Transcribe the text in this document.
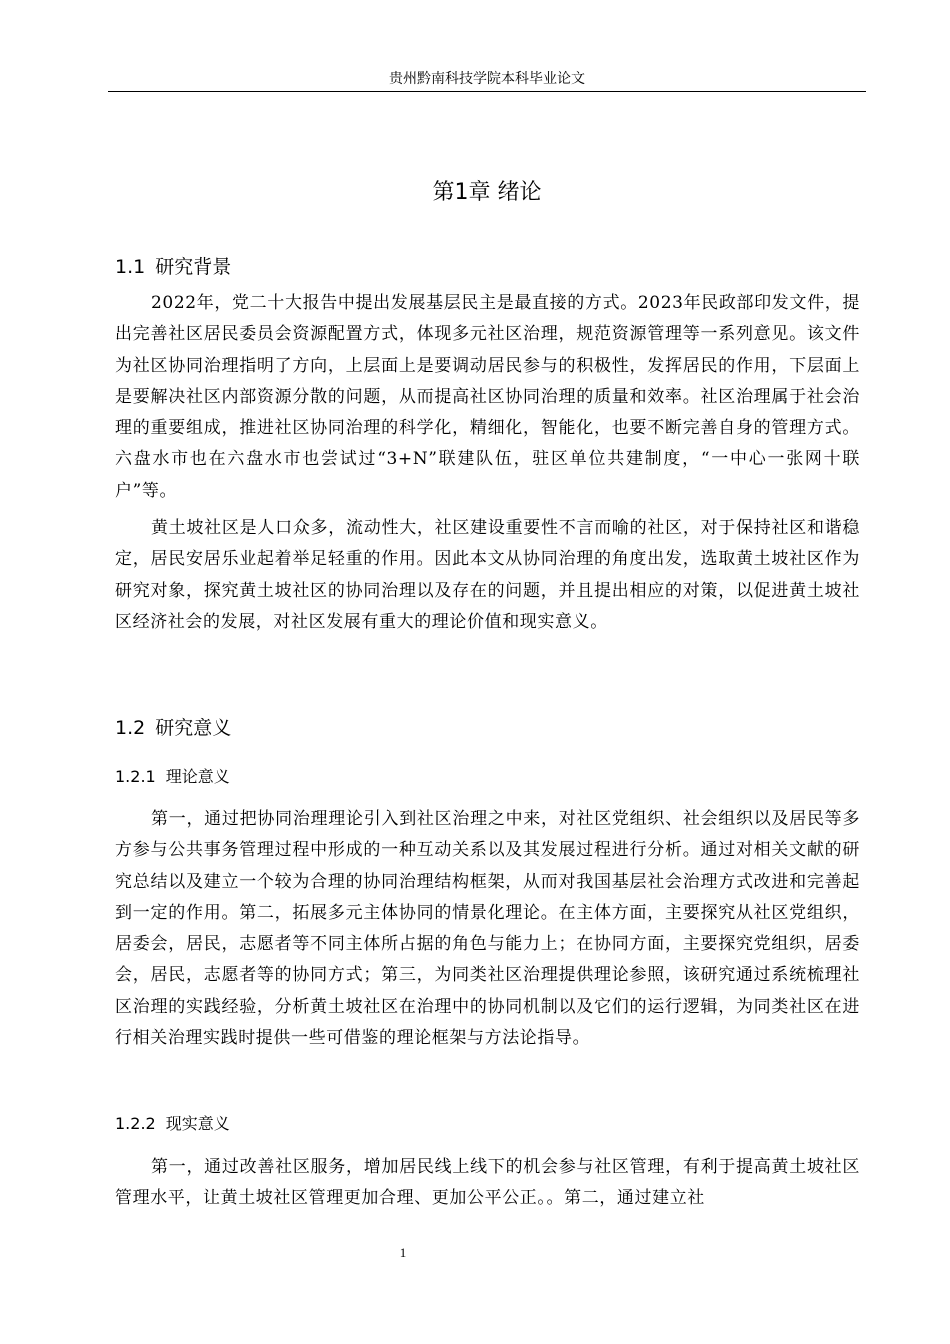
贵州黔南科技学院本科毕业论文
第1章 绪论
1.1 研究背景

2022年，党二十大报告中提出发展基层民主是最直接的方式。2023年民政部印发文件，提出完善社区居民委员会资源配置方式，体现多元社区治理，规范资源管理等一系列意见。该文件为社区协同治理指明了方向，上层面上是要调动居民参与的积极性，发挥居民的作用，下层面上是要解决社区内部资源分散的问题，从而提高社区协同治理的质量和效率。社区治理属于社会治理的重要组成，推进社区协同治理的科学化，精细化，智能化，也要不断完善自身的管理方式。六盘水市也在六盘水市也尝试过“3+N”联建队伍，驻区单位共建制度，“一中心一张网十联户”等。

黄土坡社区是人口众多，流动性大，社区建设重要性不言而喻的社区，对于保持社区和谐稳定，居民安居乐业起着举足轻重的作用。因此本文从协同治理的角度出发，选取黄土坡社区作为研究对象，探究黄土坡社区的协同治理以及存在的问题，并且提出相应的对策，以促进黄土坡社区经济社会的发展，对社区发展有重大的理论价值和现实意义。

1.2 研究意义
1.2.1 理论意义

第一，通过把协同治理理论引入到社区治理之中来，对社区党组织、社会组织以及居民等多方参与公共事务管理过程中形成的一种互动关系以及其发展过程进行分析。通过对相关文献的研究总结以及建立一个较为合理的协同治理结构框架，从而对我国基层社会治理方式改进和完善起到一定的作用。第二，拓展多元主体协同的情景化理论。在主体方面，主要探究从社区党组织，居委会，居民，志愿者等不同主体所占据的角色与能力上；在协同方面，主要探究党组织，居委会，居民，志愿者等的协同方式；第三，为同类社区治理提供理论参照，该研究通过系统梳理社区治理的实践经验，分析黄土坡社区在治理中的协同机制以及它们的运行逻辑，为同类社区在进行相关治理实践时提供一些可借鉴的理论框架与方法论指导。

1.2.2 现实意义

第一，通过改善社区服务，增加居民线上线下的机会参与社区管理，有利于提高黄土坡社区管理水平，让黄土坡社区管理更加合理、更加公平公正。。第二，通过建立社

1
